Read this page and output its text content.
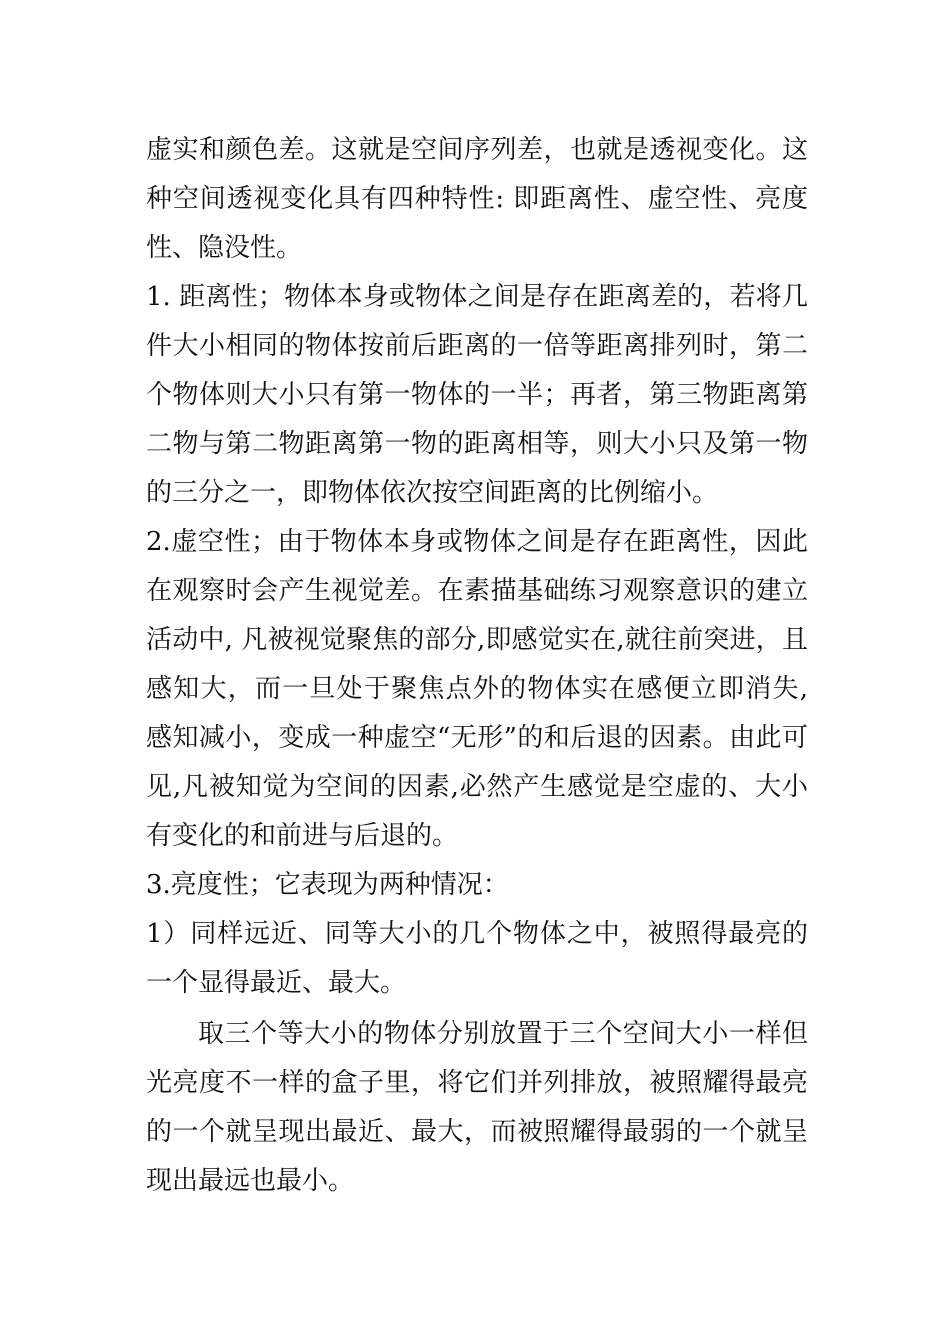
虚实和颜色差。这就是空间序列差，也就是透视变化。这种空间透视变化具有四种特性: 即距离性、虚空性、亮度性、隐没性。

1. 距离性；物体本身或物体之间是存在距离差的，若将几件大小相同的物体按前后距离的一倍等距离排列时，第二个物体则大小只有第一物体的一半；再者，第三物距离第二物与第二物距离第一物的距离相等，则大小只及第一物的三分之一，即物体依次按空间距离的比例缩小。

2.虚空性；由于物体本身或物体之间是存在距离性，因此在观察时会产生视觉差。在素描基础练习观察意识的建立活动中, 凡被视觉聚焦的部分,即感觉实在,就往前突进，且感知大，而一旦处于聚焦点外的物体实在感便立即消失, 感知减小，变成一种虚空“无形”的和后退的因素。由此可见,凡被知觉为空间的因素,必然产生感觉是空虚的、大小有变化的和前进与后退的。

3.亮度性；它表现为两种情况：

1）同样远近、同等大小的几个物体之中，被照得最亮的一个显得最近、最大。

取三个等大小的物体分别放置于三个空间大小一样但光亮度不一样的盒子里，将它们并列排放，被照耀得最亮的一个就呈现出最近、最大，而被照耀得最弱的一个就呈现出最远也最小。
